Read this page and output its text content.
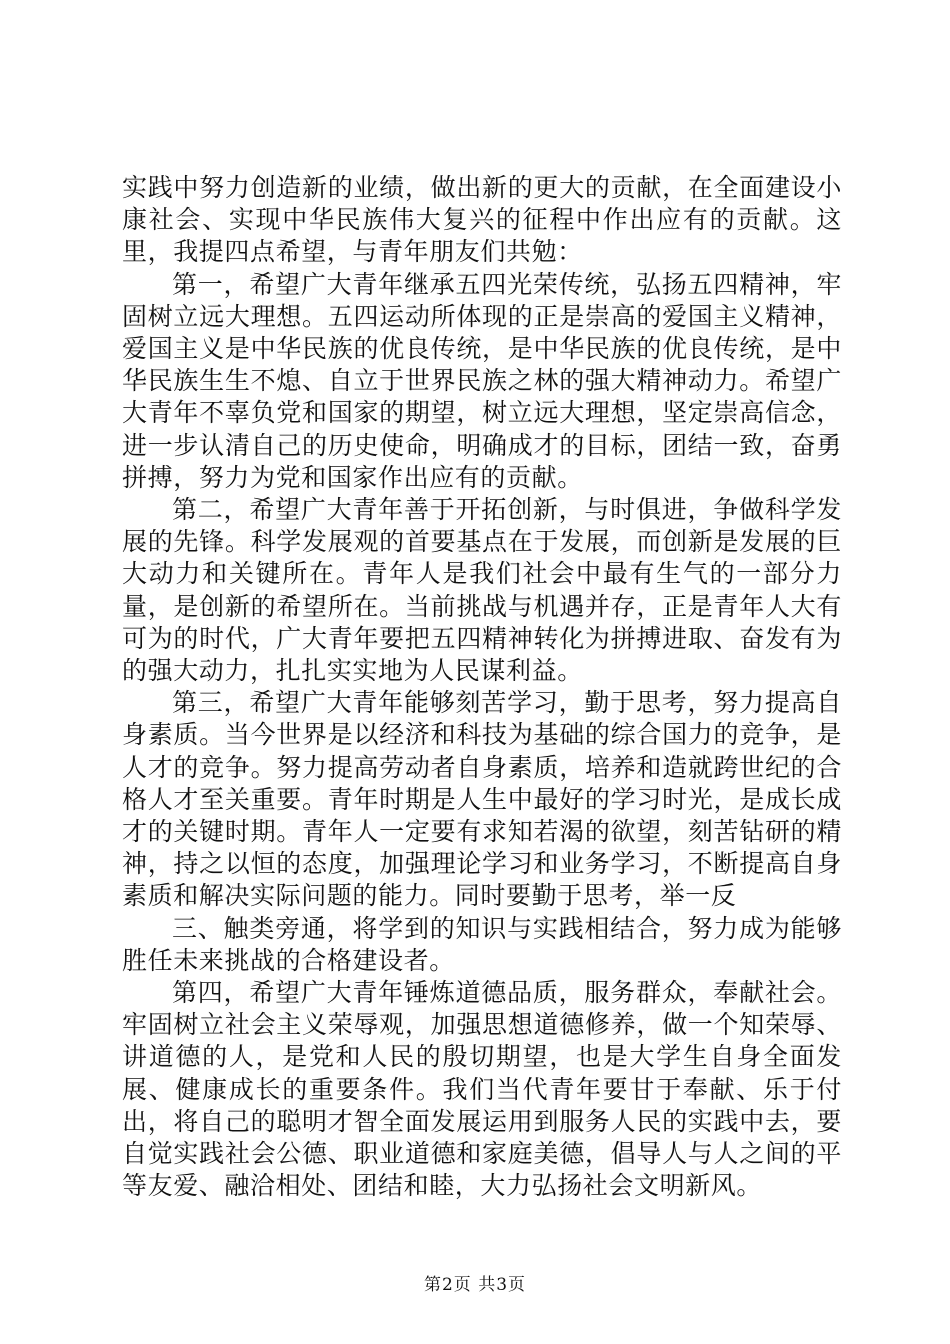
实践中努力创造新的业绩，做出新的更大的贡献，在全面建设小康社会、实现中华民族伟大复兴的征程中作出应有的贡献。这里，我提四点希望，与青年朋友们共勉：

第一，希望广大青年继承五四光荣传统，弘扬五四精神，牢固树立远大理想。五四运动所体现的正是崇高的爱国主义精神，爱国主义是中华民族的优良传统，是中华民族的优良传统，是中华民族生生不熄、自立于世界民族之林的强大精神动力。希望广大青年不辜负党和国家的期望，树立远大理想，坚定崇高信念，进一步认清自己的历史使命，明确成才的目标，团结一致，奋勇拼搏，努力为党和国家作出应有的贡献。

第二，希望广大青年善于开拓创新，与时俱进，争做科学发展的先锋。科学发展观的首要基点在于发展，而创新是发展的巨大动力和关键所在。青年人是我们社会中最有生气的一部分力量，是创新的希望所在。当前挑战与机遇并存，正是青年人大有可为的时代，广大青年要把五四精神转化为拼搏进取、奋发有为的强大动力，扎扎实实地为人民谋利益。

第三，希望广大青年能够刻苦学习，勤于思考，努力提高自身素质。当今世界是以经济和科技为基础的综合国力的竞争，是人才的竞争。努力提高劳动者自身素质，培养和造就跨世纪的合格人才至关重要。青年时期是人生中最好的学习时光，是成长成才的关键时期。青年人一定要有求知若渴的欲望，刻苦钻研的精神，持之以恒的态度，加强理论学习和业务学习，不断提高自身素质和解决实际问题的能力。同时要勤于思考，举一反

三、触类旁通，将学到的知识与实践相结合，努力成为能够胜任未来挑战的合格建设者。

第四，希望广大青年锤炼道德品质，服务群众，奉献社会。牢固树立社会主义荣辱观，加强思想道德修养，做一个知荣辱、讲道德的人，是党和人民的殷切期望，也是大学生自身全面发展、健康成长的重要条件。我们当代青年要甘于奉献、乐于付出，将自己的聪明才智全面发展运用到服务人民的实践中去，要自觉实践社会公德、职业道德和家庭美德，倡导人与人之间的平等友爱、融洽相处、团结和睦，大力弘扬社会文明新风。

第2页 共3页
